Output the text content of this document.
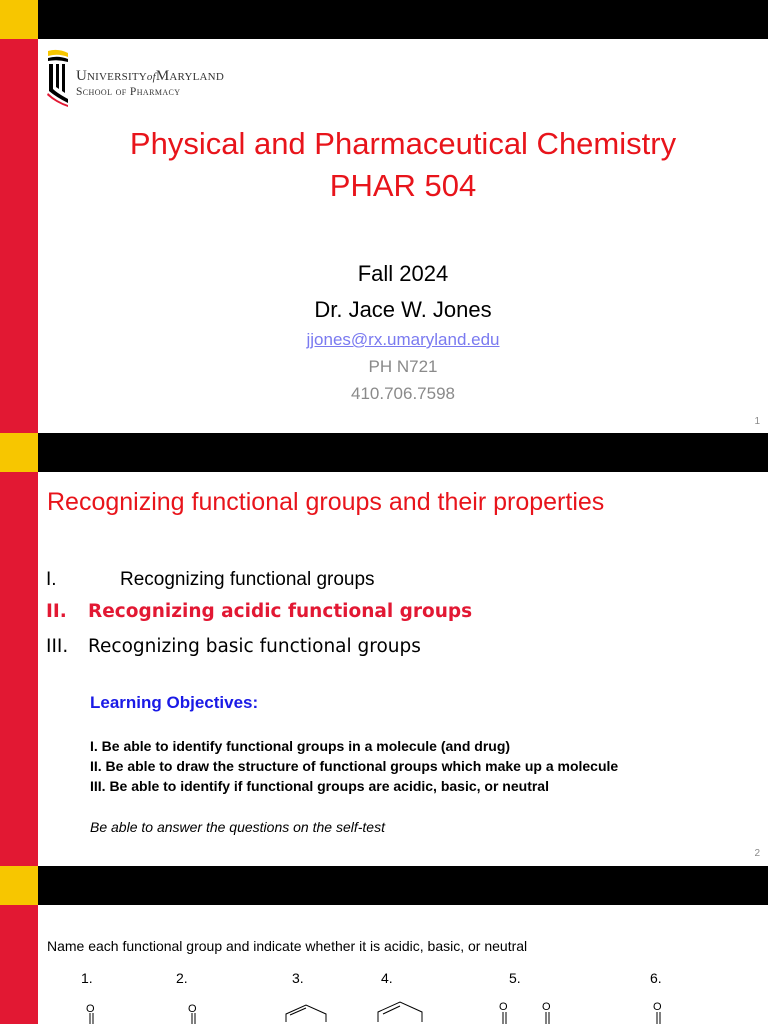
UniversityofMaryland
School of Pharmacy
Physical and Pharmaceutical Chemistry
PHAR 504
Fall 2024
Dr. Jace W. Jones
jjones@rx.umaryland.edu
PH N721
410.706.7598
1
Recognizing functional groups and their properties
I.	Recognizing functional groups
II. Recognizing acidic functional groups
III. Recognizing basic functional groups
Learning Objectives:
I. Be able to identify functional groups in a molecule (and drug)
II. Be able to draw the structure of functional groups which make up a molecule
III. Be able to identify if functional groups are acidic, basic, or neutral
Be able to answer the questions on the self-test
2
Name each functional group and indicate whether it is acidic, basic, or neutral
1.	2.	3.	4.	5.	6.
O	O	O	O	O
